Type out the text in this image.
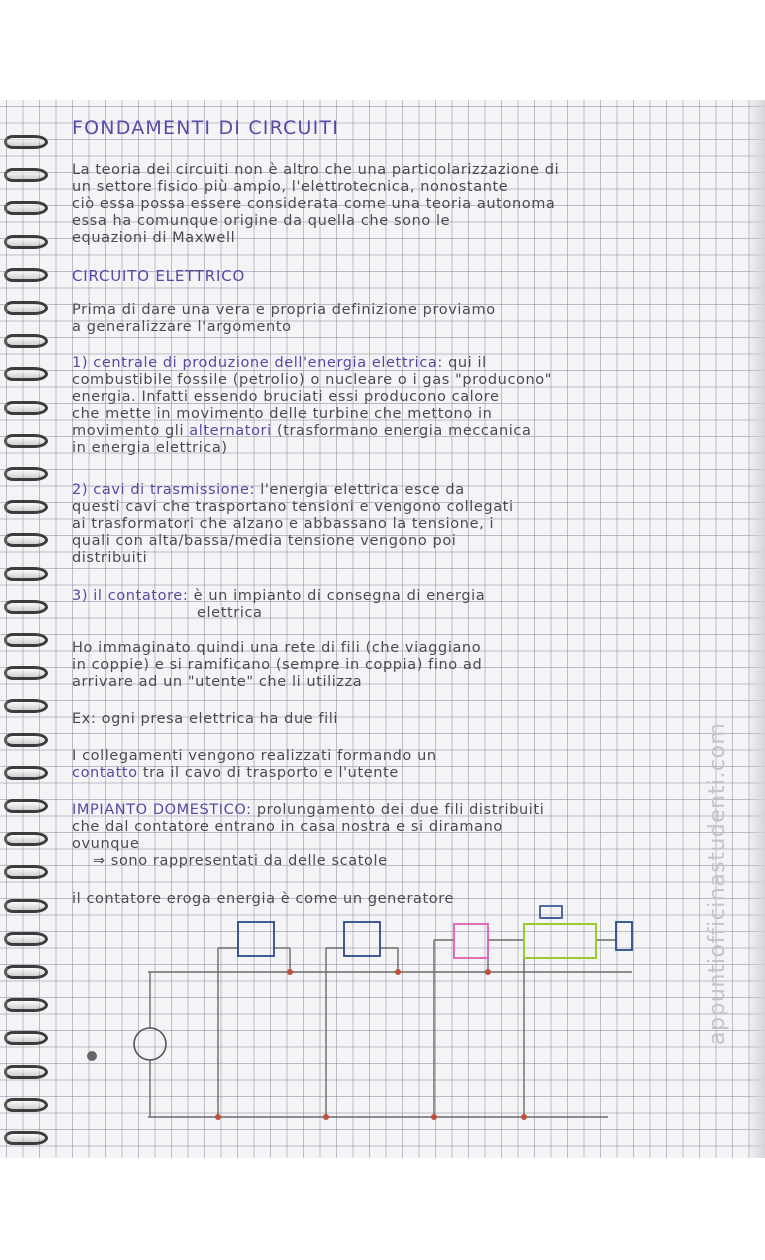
FONDAMENTI DI CIRCUITI
La teoria dei circuiti non è altro che una particolarizzazione di
un settore fisico più ampio, l'elettrotecnica, nonostante
ciò essa possa essere considerata come una teoria autonoma
essa ha comunque origine da quella che sono le
equazioni di Maxwell
CIRCUITO ELETTRICO
Prima di dare una vera e propria definizione proviamo
a generalizzare l'argomento
1) centrale di produzione dell'energia elettrica: qui il
combustibile fossile (petrolio) o nucleare o i gas "producono"
energia. Infatti essendo bruciati essi producono calore
che mette in movimento delle turbine che mettono in
movimento gli alternatori (trasformano energia meccanica
in energia elettrica)
2) cavi di trasmissione: l'energia elettrica esce da
questi cavi che trasportano tensioni e vengono collegati
ai trasformatori che alzano e abbassano la tensione, i
quali con alta/bassa/media tensione vengono poi
distribuiti
3) il contatore: è un impianto di consegna di energia
elettrica
Ho immaginato quindi una rete di fili (che viaggiano
in coppie) e si ramificano (sempre in coppia) fino ad
arrivare ad un "utente" che li utilizza
Ex: ogni presa elettrica ha due fili
I collegamenti vengono realizzati formando un
contatto tra il cavo di trasporto e l'utente
IMPIANTO DOMESTICO: prolungamento dei due fili distribuiti
che dal contatore entrano in casa nostra e si diramano
ovunque
⇒ sono rappresentati da delle scatole
il contatore eroga energia è come un generatore	appuntiofficinastudenti.com
